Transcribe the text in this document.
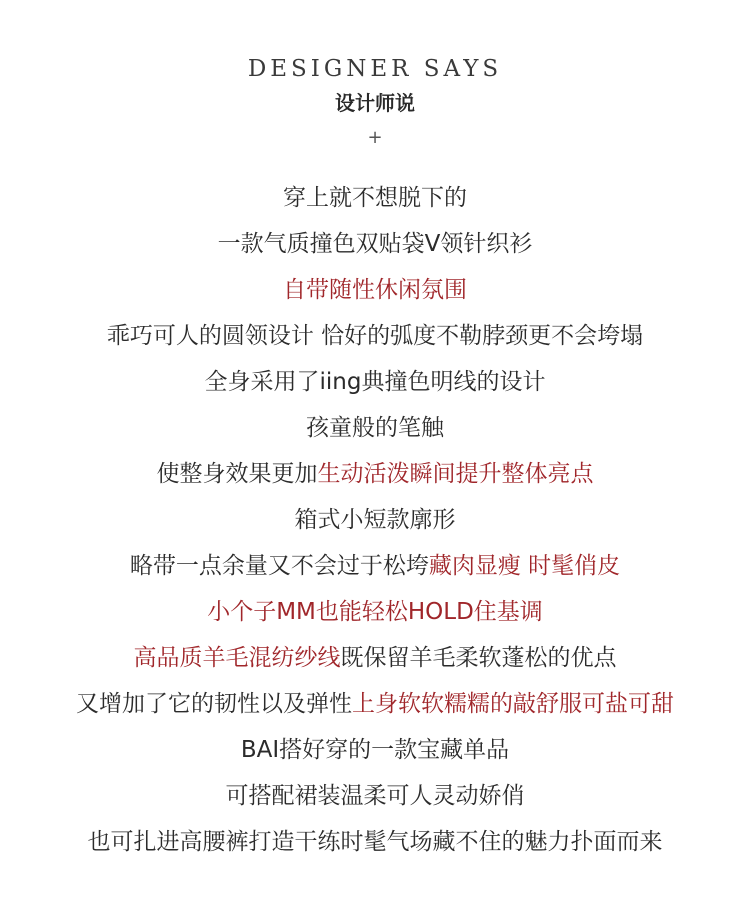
DESIGNER SAYS
设计师说
+
穿上就不想脱下的
一款气质撞色双贴袋V领针织衫
自带随性休闲氛围
乖巧可人的圆领设计 恰好的弧度不勒脖颈更不会垮塌
全身采用了iing典撞色明线的设计
孩童般的笔触
使整身效果更加生动活泼瞬间提升整体亮点
箱式小短款廓形
略带一点余量又不会过于松垮藏肉显瘦 时髦俏皮
小个子MM也能轻松HOLD住基调
高品质羊毛混纺纱线既保留羊毛柔软蓬松的优点
又增加了它的韧性以及弹性上身软软糯糯的敲舒服可盐可甜
BAI搭好穿的一款宝藏单品
可搭配裙装温柔可人灵动娇俏
也可扎进高腰裤打造干练时髦气场藏不住的魅力扑面而来
